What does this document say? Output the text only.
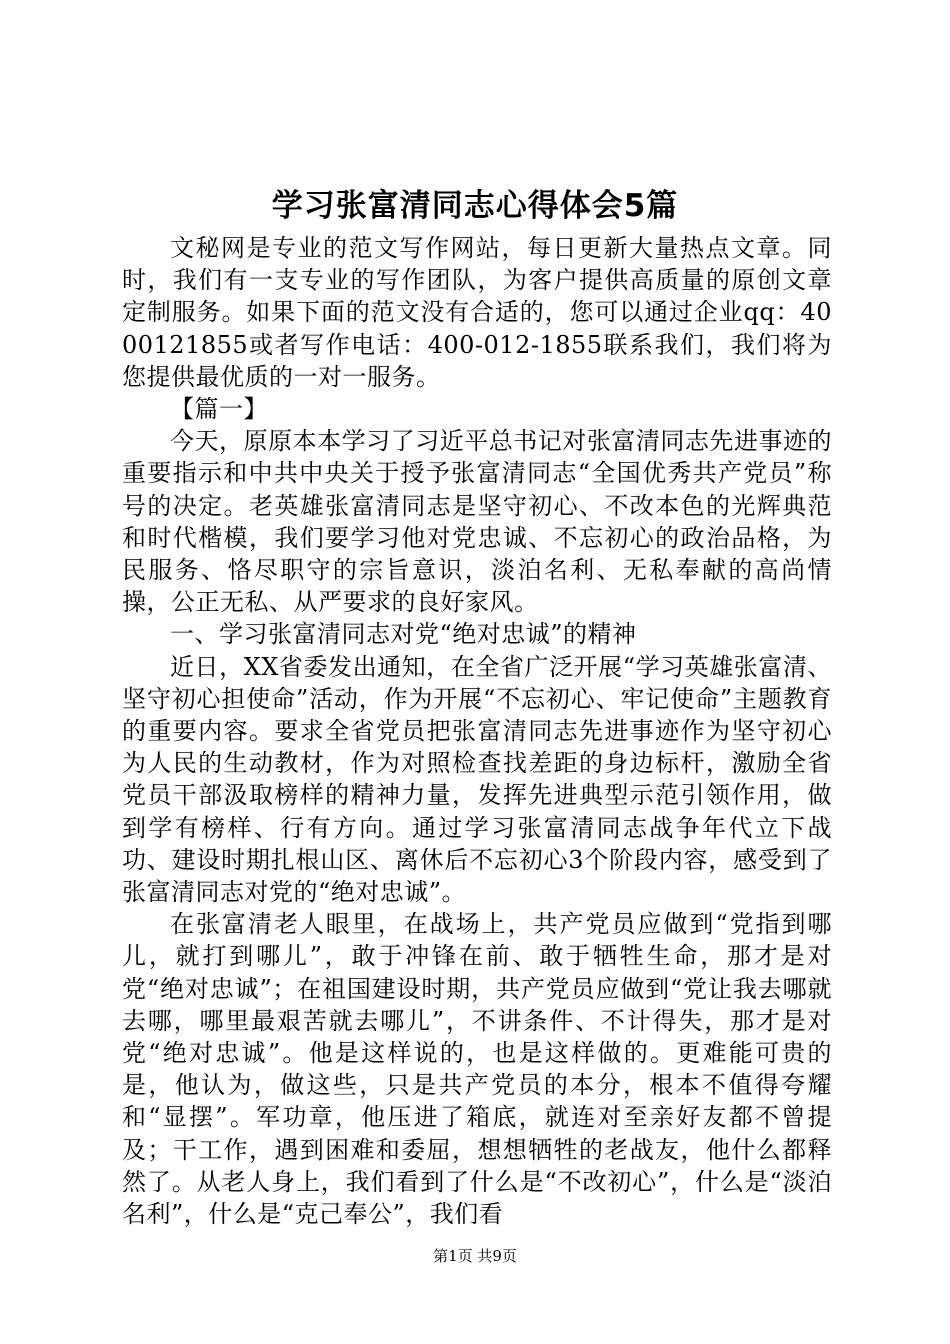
学习张富清同志心得体会5篇

文秘网是专业的范文写作网站，每日更新大量热点文章。同时，我们有一支专业的写作团队，为客户提供高质量的原创文章定制服务。如果下面的范文没有合适的，您可以通过企业qq：4000121855或者写作电话：400-012-1855联系我们，我们将为您提供最优质的一对一服务。

【篇一】

今天，原原本本学习了习近平总书记对张富清同志先进事迹的重要指示和中共中央关于授予张富清同志“全国优秀共产党员”称号的决定。老英雄张富清同志是坚守初心、不改本色的光辉典范和时代楷模，我们要学习他对党忠诚、不忘初心的政治品格，为民服务、恪尽职守的宗旨意识，淡泊名利、无私奉献的高尚情操，公正无私、从严要求的良好家风。

一、学习张富清同志对党“绝对忠诚”的精神

近日，XX省委发出通知，在全省广泛开展“学习英雄张富清、坚守初心担使命”活动，作为开展“不忘初心、牢记使命”主题教育的重要内容。要求全省党员把张富清同志先进事迹作为坚守初心为人民的生动教材，作为对照检查找差距的身边标杆，激励全省党员干部汲取榜样的精神力量，发挥先进典型示范引领作用，做到学有榜样、行有方向。通过学习张富清同志战争年代立下战功、建设时期扎根山区、离休后不忘初心3个阶段内容，感受到了张富清同志对党的“绝对忠诚”。

在张富清老人眼里，在战场上，共产党员应做到“党指到哪儿，就打到哪儿”，敢于冲锋在前、敢于牺牲生命，那才是对党“绝对忠诚”；在祖国建设时期，共产党员应做到“党让我去哪就去哪，哪里最艰苦就去哪儿”，不讲条件、不计得失，那才是对党“绝对忠诚”。他是这样说的，也是这样做的。更难能可贵的是，他认为，做这些，只是共产党员的本分，根本不值得夸耀和“显摆”。军功章，他压进了箱底，就连对至亲好友都不曾提及；干工作，遇到困难和委屈，想想牺牲的老战友，他什么都释然了。从老人身上，我们看到了什么是“不改初心”，什么是“淡泊名利”，什么是“克己奉公”，我们看

第1页 共9页
